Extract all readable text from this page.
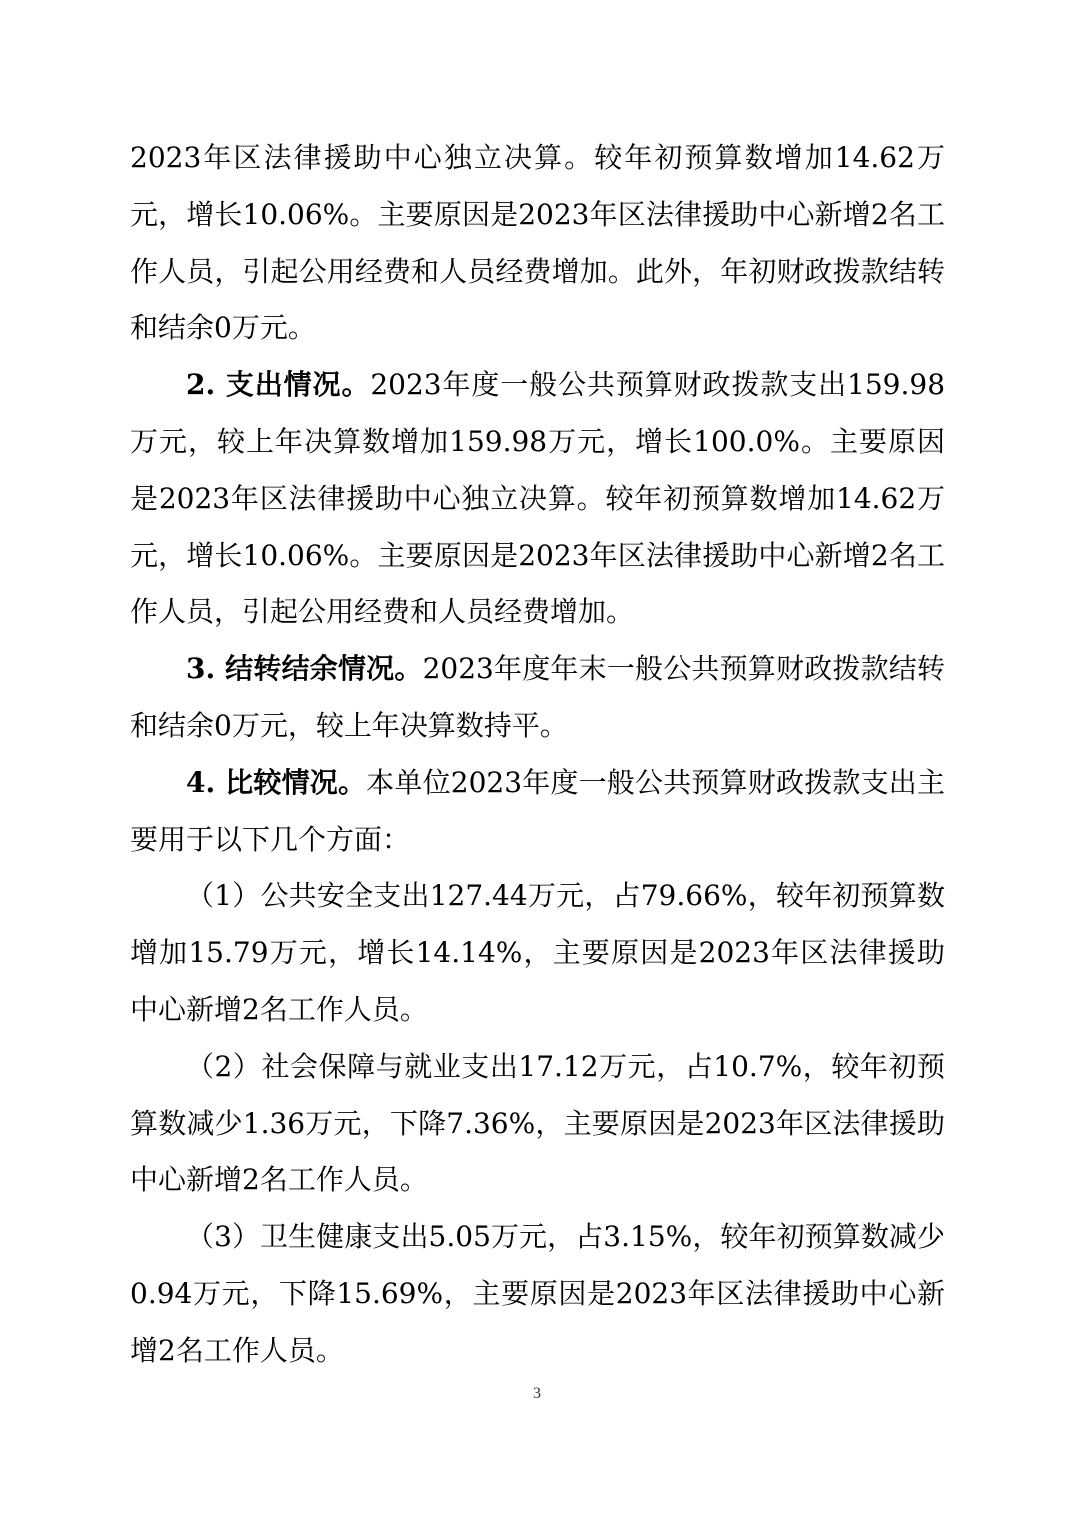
2023年区法律援助中心独立决算。较年初预算数增加14.62万元，增长10.06%。主要原因是2023年区法律援助中心新增2名工作人员，引起公用经费和人员经费增加。此外，年初财政拨款结转和结余0万元。

2. 支出情况。2023年度一般公共预算财政拨款支出159.98万元，较上年决算数增加159.98万元，增长100.0%。主要原因是2023年区法律援助中心独立决算。较年初预算数增加14.62万元，增长10.06%。主要原因是2023年区法律援助中心新增2名工作人员，引起公用经费和人员经费增加。

3. 结转结余情况。2023年度年末一般公共预算财政拨款结转和结余0万元，较上年决算数持平。

4. 比较情况。本单位2023年度一般公共预算财政拨款支出主要用于以下几个方面：

（1）公共安全支出127.44万元，占79.66%，较年初预算数增加15.79万元，增长14.14%，主要原因是2023年区法律援助中心新增2名工作人员。

（2）社会保障与就业支出17.12万元，占10.7%，较年初预算数减少1.36万元，下降7.36%，主要原因是2023年区法律援助中心新增2名工作人员。

（3）卫生健康支出5.05万元，占3.15%，较年初预算数减少0.94万元，下降15.69%，主要原因是2023年区法律援助中心新增2名工作人员。

3
